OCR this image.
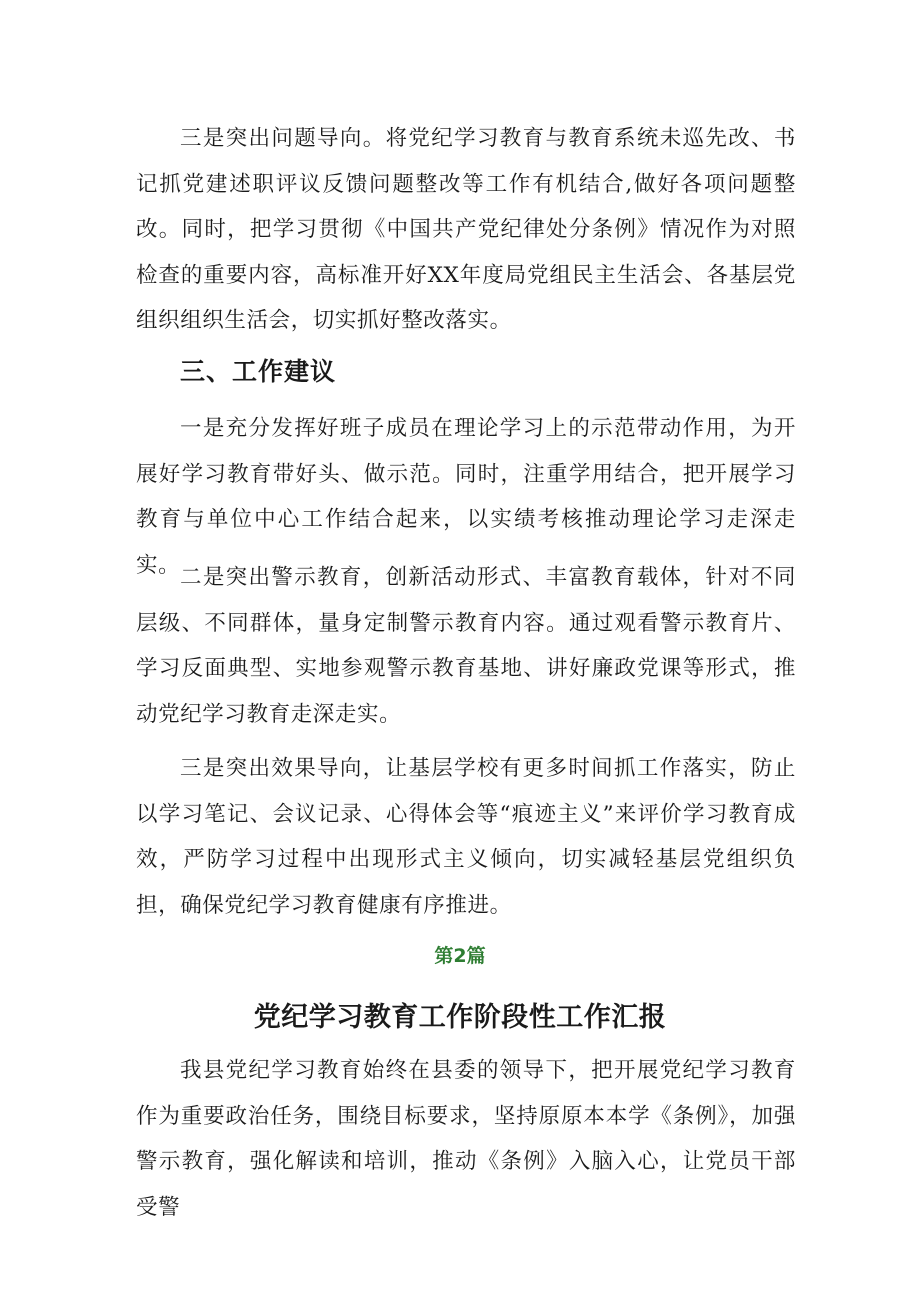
三是突出问题导向。将党纪学习教育与教育系统未巡先改、书记抓党建述职评议反馈问题整改等工作有机结合,做好各项问题整改。同时，把学习贯彻《中国共产党纪律处分条例》情况作为对照检查的重要内容，高标准开好XX年度局党组民主生活会、各基层党组织组织生活会，切实抓好整改落实。

三、工作建议

一是充分发挥好班子成员在理论学习上的示范带动作用，为开展好学习教育带好头、做示范。同时，注重学用结合，把开展学习教育与单位中心工作结合起来，以实绩考核推动理论学习走深走实。 二是突出警示教育，创新活动形式、丰富教育载体，针对不同层级、不同群体，量身定制警示教育内容。通过观看警示教育片、学习反面典型、实地参观警示教育基地、讲好廉政党课等形式，推动党纪学习教育走深走实。

三是突出效果导向，让基层学校有更多时间抓工作落实，防止以学习笔记、会议记录、心得体会等“痕迹主义”来评价学习教育成效，严防学习过程中出现形式主义倾向，切实减轻基层党组织负担，确保党纪学习教育健康有序推进。

第2篇
党纪学习教育工作阶段性工作汇报

我县党纪学习教育始终在县委的领导下，把开展党纪学习教育作为重要政治任务，围绕目标要求，坚持原原本本学《条例》，加强警示教育，强化解读和培训，推动《条例》入脑入心，让党员干部受警
